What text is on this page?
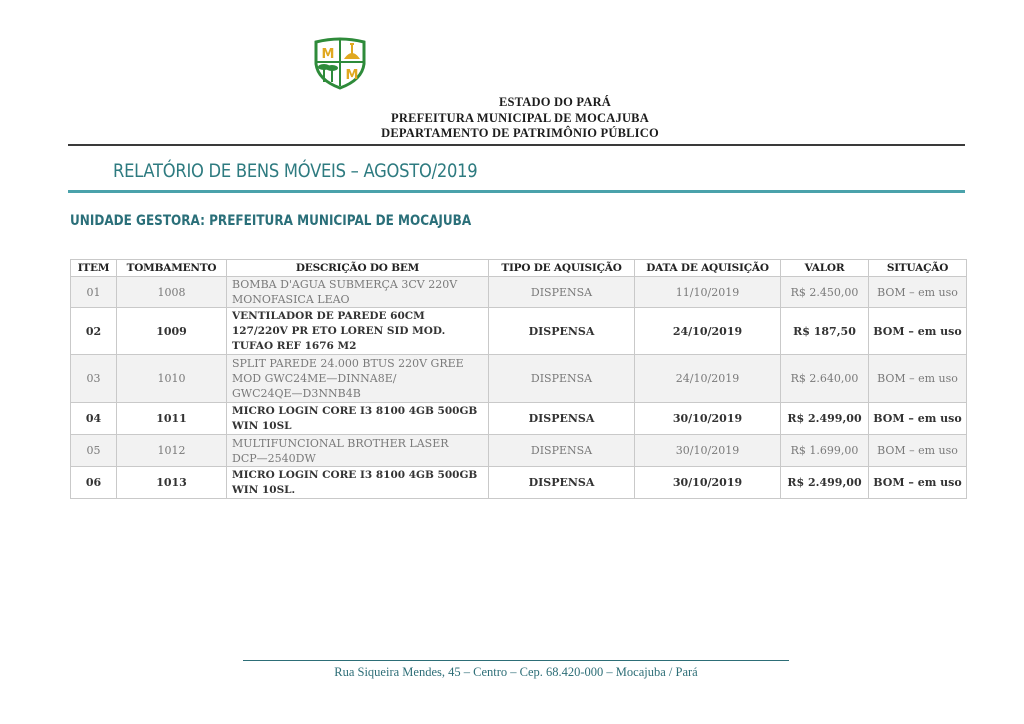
M
M
ESTADO DO PARÁ
PREFEITURA MUNICIPAL DE MOCAJUBA
DEPARTAMENTO DE PATRIMÔNIO PÚBLICO
RELATÓRIO DE BENS MÓVEIS – AGOSTO/2019
UNIDADE GESTORA: PREFEITURA MUNICIPAL DE MOCAJUBA
ITEM	TOMBAMENTO	DESCRIÇÃO DO BEM	TIPO DE AQUISIÇÃO	DATA DE AQUISIÇÃO	VALOR	SITUAÇÃO
01	1008	BOMBA D'AGUA SUBMERÇA 3CV 220V
MONOFASICA LEAO	DISPENSA	11/10/2019	R$ 2.450,00	BOM – em uso
02	1009	VENTILADOR DE PAREDE 60CM
127/220V PR ETO LOREN SID MOD.
TUFAO REF 1676 M2	DISPENSA	24/10/2019	R$ 187,50	BOM – em uso
03	1010	SPLIT PAREDE 24.000 BTUS 220V GREE
MOD GWC24ME—DINNA8E/
GWC24QE—D3NNB4B	DISPENSA	24/10/2019	R$ 2.640,00	BOM – em uso
04	1011	MICRO LOGIN CORE I3 8100 4GB 500GB
WIN 10SL	DISPENSA	30/10/2019	R$ 2.499,00	BOM – em uso
05	1012	MULTIFUNCIONAL BROTHER LASER
DCP—2540DW	DISPENSA	30/10/2019	R$ 1.699,00	BOM – em uso
06	1013	MICRO LOGIN CORE I3 8100 4GB 500GB
WIN 10SL.	DISPENSA	30/10/2019	R$ 2.499,00	BOM – em uso
Rua Siqueira Mendes, 45 – Centro – Cep. 68.420-000 – Mocajuba / Pará
